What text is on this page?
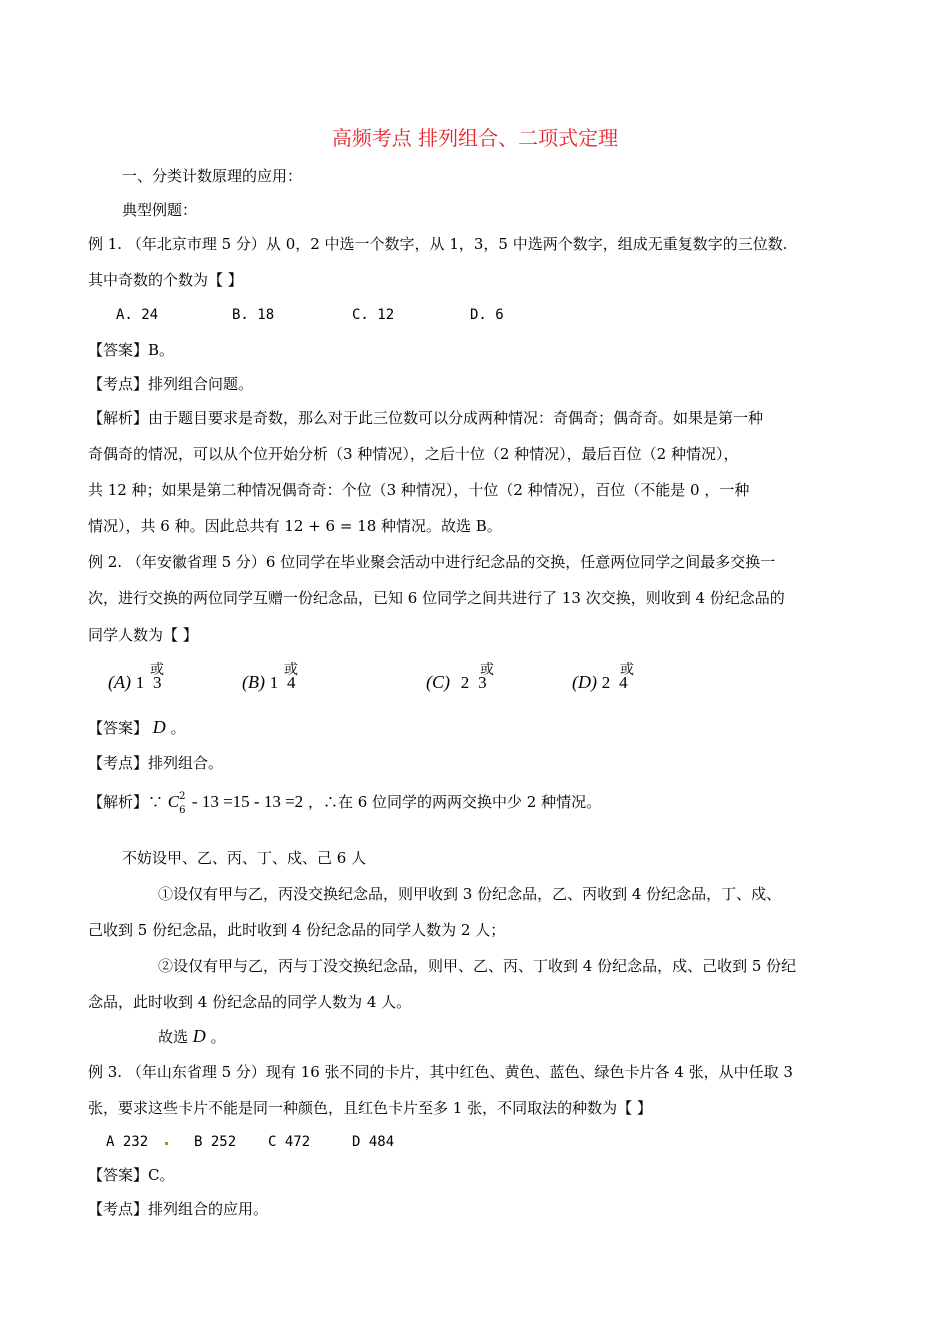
高频考点 排列组合、二项式定理
一、分类计数原理的应用：
典型例题：
例 1. （年北京市理 5 分）从 0，2 中选一个数字，从 1，3，5 中选两个数字，组成无重复数字的三位数.
其中奇数的个数为【 】
A. 24	B. 18	C. 12	D. 6
【答案】B。
【考点】排列组合问题。
【解析】由于题目要求是奇数，那么对于此三位数可以分成两种情况：奇偶奇；偶奇奇。如果是第一种
奇偶奇的情况，可以从个位开始分析（3 种情况），之后十位（2 种情况），最后百位（2 种情况），
共 12 种；如果是第二种情况偶奇奇：个位（3 种情况），十位（2 种情况），百位（不能是 0 ，一种
情况），共 6 种。因此总共有 12 + 6 = 18 种情况。故选 B。
例 2. （年安徽省理 5 分）6 位同学在毕业聚会活动中进行纪念品的交换，任意两位同学之间最多交换一
次，进行交换的两位同学互赠一份纪念品，已知 6 位同学之间共进行了 13 次交换，则收到 4 份纪念品的
同学人数为【 】
(A) 1
或
3	(B) 1
或
4	(C) 2
或
3	(D) 2
或
4
【答案】 D 。
【考点】排列组合。
【解析】∵ C 2
6 - 13 =15 - 13 =2 ，∴在 6 位同学的两两交换中少 2 种情况。
不妨设甲、乙、丙、丁、戍、己 6 人
①设仅有甲与乙，丙没交换纪念品，则甲收到 3 份纪念品，乙、丙收到 4 份纪念品，丁、戍、
己收到 5 份纪念品，此时收到 4 份纪念品的同学人数为 2 人；
②设仅有甲与乙，丙与丁没交换纪念品，则甲、乙、丙、丁收到 4 份纪念品，戍、己收到 5 份纪
念品，此时收到 4 份纪念品的同学人数为 4 人。
故选 D 。
例 3. （年山东省理 5 分）现有 16 张不同的卡片，其中红色、黄色、蓝色、绿色卡片各 4 张，从中任取 3
张，要求这些卡片不能是同一种颜色，且红色卡片至多 1 张，不同取法的种数为【 】
A 232	B 252 C 472	D 484
【答案】C。
【考点】排列组合的应用。
